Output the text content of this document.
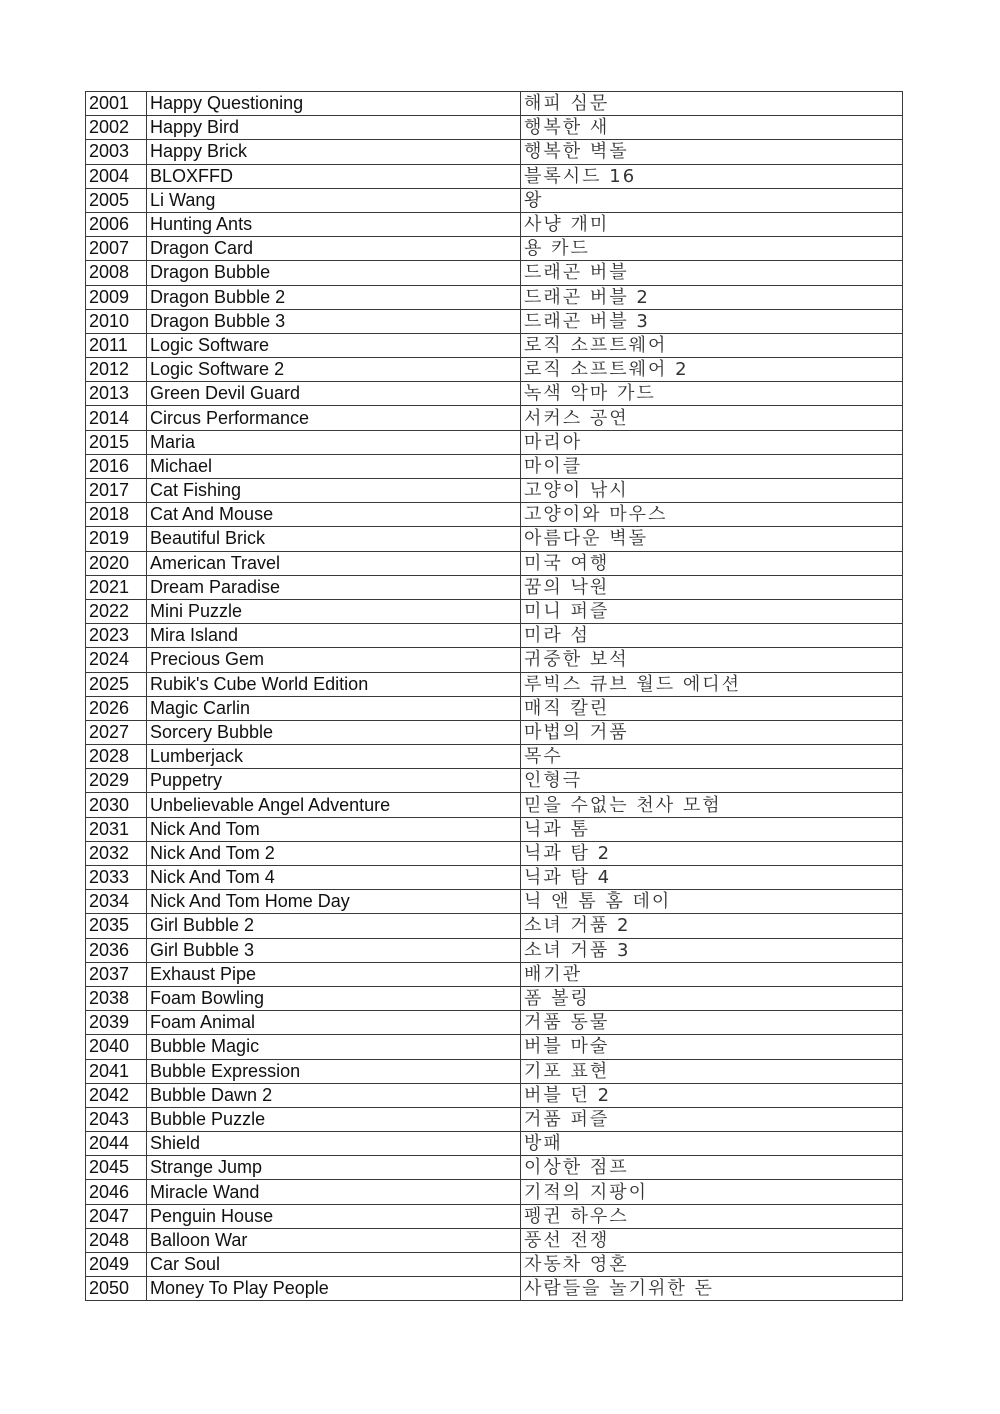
2001	Happy Questioning	해피 심문
2002	Happy Bird	행복한 새
2003	Happy Brick	행복한 벽돌
2004	BLOXFFD	블록시드 16
2005	Li Wang	왕
2006	Hunting Ants	사냥 개미
2007	Dragon Card	용 카드
2008	Dragon Bubble	드래곤 버블
2009	Dragon Bubble 2	드래곤 버블 2
2010	Dragon Bubble 3	드래곤 버블 3
2011	Logic Software	로직 소프트웨어
2012	Logic Software 2	로직 소프트웨어 2
2013	Green Devil Guard	녹색 악마 가드
2014	Circus Performance	서커스 공연
2015	Maria	마리아
2016	Michael	마이클
2017	Cat Fishing	고양이 낚시
2018	Cat And Mouse	고양이와 마우스
2019	Beautiful Brick	아름다운 벽돌
2020	American Travel	미국 여행
2021	Dream Paradise	꿈의 낙원
2022	Mini Puzzle	미니 퍼즐
2023	Mira Island	미라 섬
2024	Precious Gem	귀중한 보석
2025	Rubik's Cube World Edition	루빅스 큐브 월드 에디션
2026	Magic Carlin	매직 칼린
2027	Sorcery Bubble	마법의 거품
2028	Lumberjack	목수
2029	Puppetry	인형극
2030	Unbelievable Angel Adventure	믿을 수없는 천사 모험
2031	Nick And Tom	닉과 톰
2032	Nick And Tom 2	닉과 탐 2
2033	Nick And Tom 4	닉과 탐 4
2034	Nick And Tom Home Day	닉 앤 톰 홈 데이
2035	Girl Bubble 2	소녀 거품 2
2036	Girl Bubble 3	소녀 거품 3
2037	Exhaust Pipe	배기관
2038	Foam Bowling	폼 볼링
2039	Foam Animal	거품 동물
2040	Bubble Magic	버블 마술
2041	Bubble Expression	기포 표현
2042	Bubble Dawn 2	버블 던 2
2043	Bubble Puzzle	거품 퍼즐
2044	Shield	방패
2045	Strange Jump	이상한 점프
2046	Miracle Wand	기적의 지팡이
2047	Penguin House	펭귄 하우스
2048	Balloon War	풍선 전쟁
2049	Car Soul	자동차 영혼
2050	Money To Play People	사람들을 놀기위한 돈
